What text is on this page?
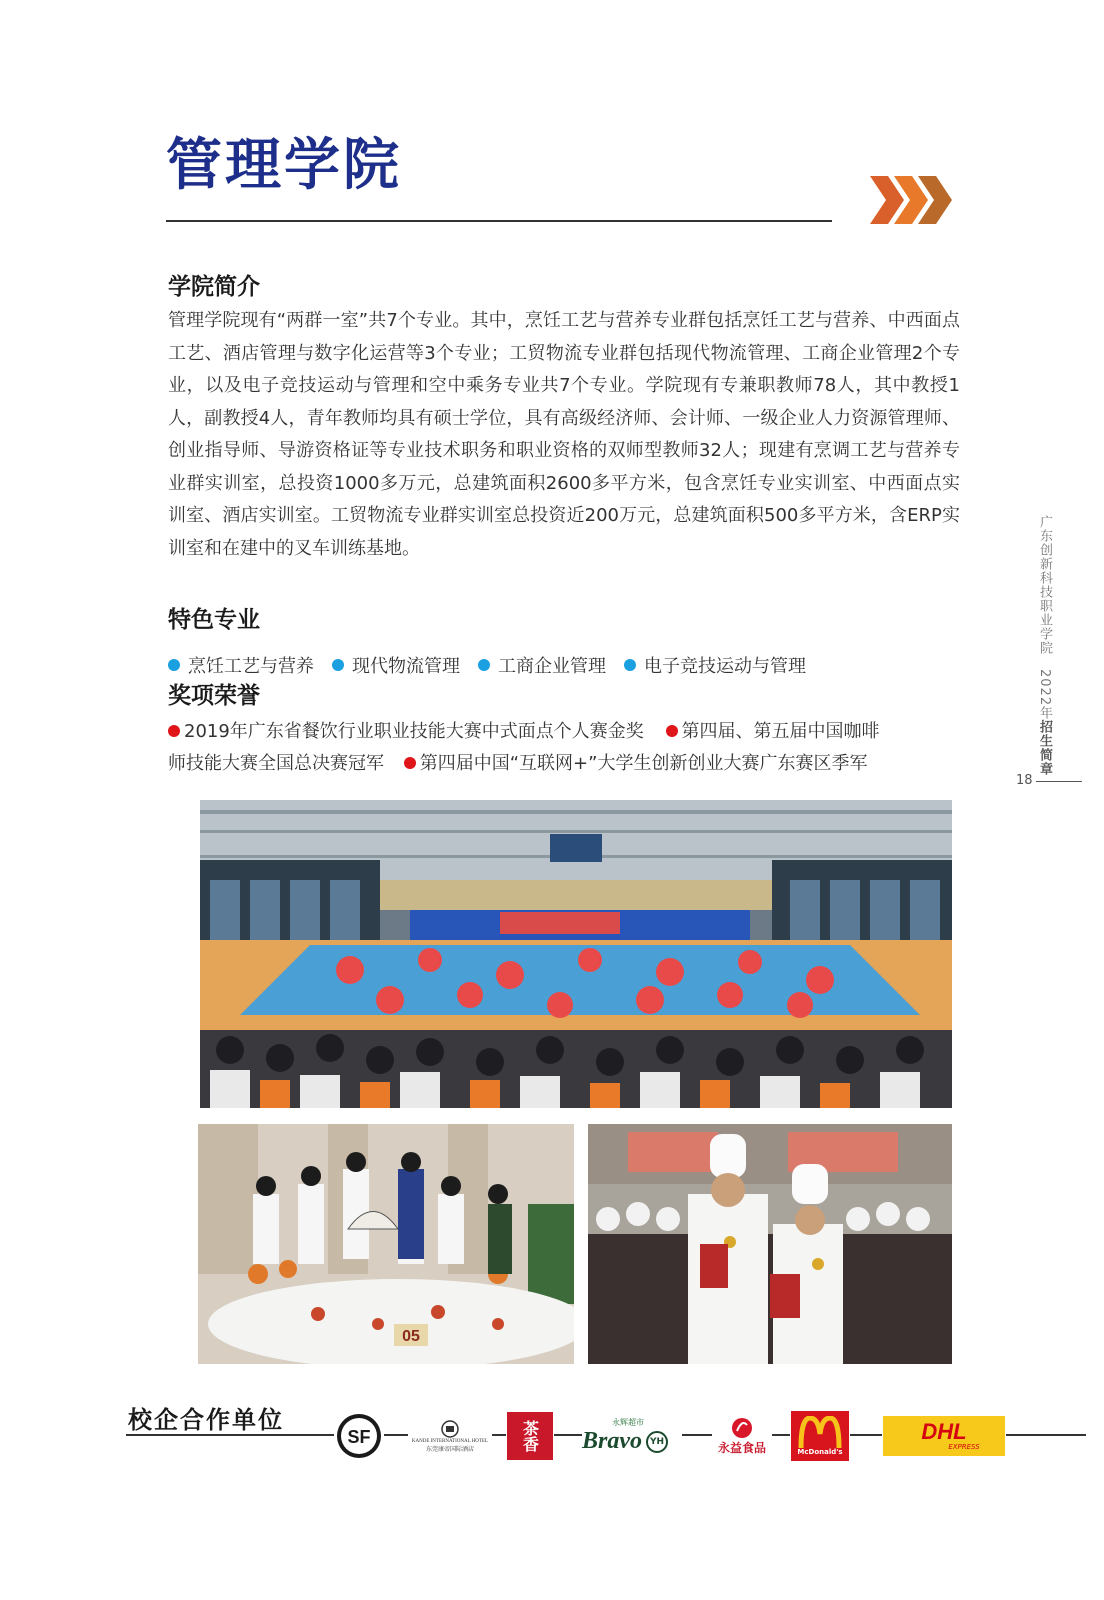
管理学院
学院简介
管理学院现有“两群一室”共7个专业。其中，烹饪工艺与营养专业群包括烹饪工艺与营养、中西面点工艺、酒店管理与数字化运营等3个专业；工贸物流专业群包括现代物流管理、工商企业管理2个专业，以及电子竞技运动与管理和空中乘务专业共7个专业。学院现有专兼职教师78人，其中教授1人，副教授4人，青年教师均具有硕士学位，具有高级经济师、会计师、一级企业人力资源管理师、创业指导师、导游资格证等专业技术职务和职业资格的双师型教师32人；现建有烹调工艺与营养专业群实训室，总投资1000多万元，总建筑面积2600多平方米，包含烹饪专业实训室、中西面点实训室、酒店实训室。工贸物流专业群实训室总投资近200万元，总建筑面积500多平方米，含ERP实训室和在建中的叉车训练基地。
特色专业
烹饪工艺与营养 现代物流管理 工商企业管理 电子竞技运动与管理
奖项荣誉
2019年广东省餐饮行业职业技能大赛中式面点个人赛金奖 第四届、第五届中国咖啡
师技能大赛全国总决赛冠军 第四届中国“互联网+”大学生创新创业大赛广东赛区季军
广东创新科技职业学院　2022年招生简章
18
05
校企合作单位
SF	KANDE INTERNATIONAL HOTEL
东莞康帝国际酒店	茶香	永辉超市
Bravo YH	永益食品	McDonald's
DHL
EXPRESS
